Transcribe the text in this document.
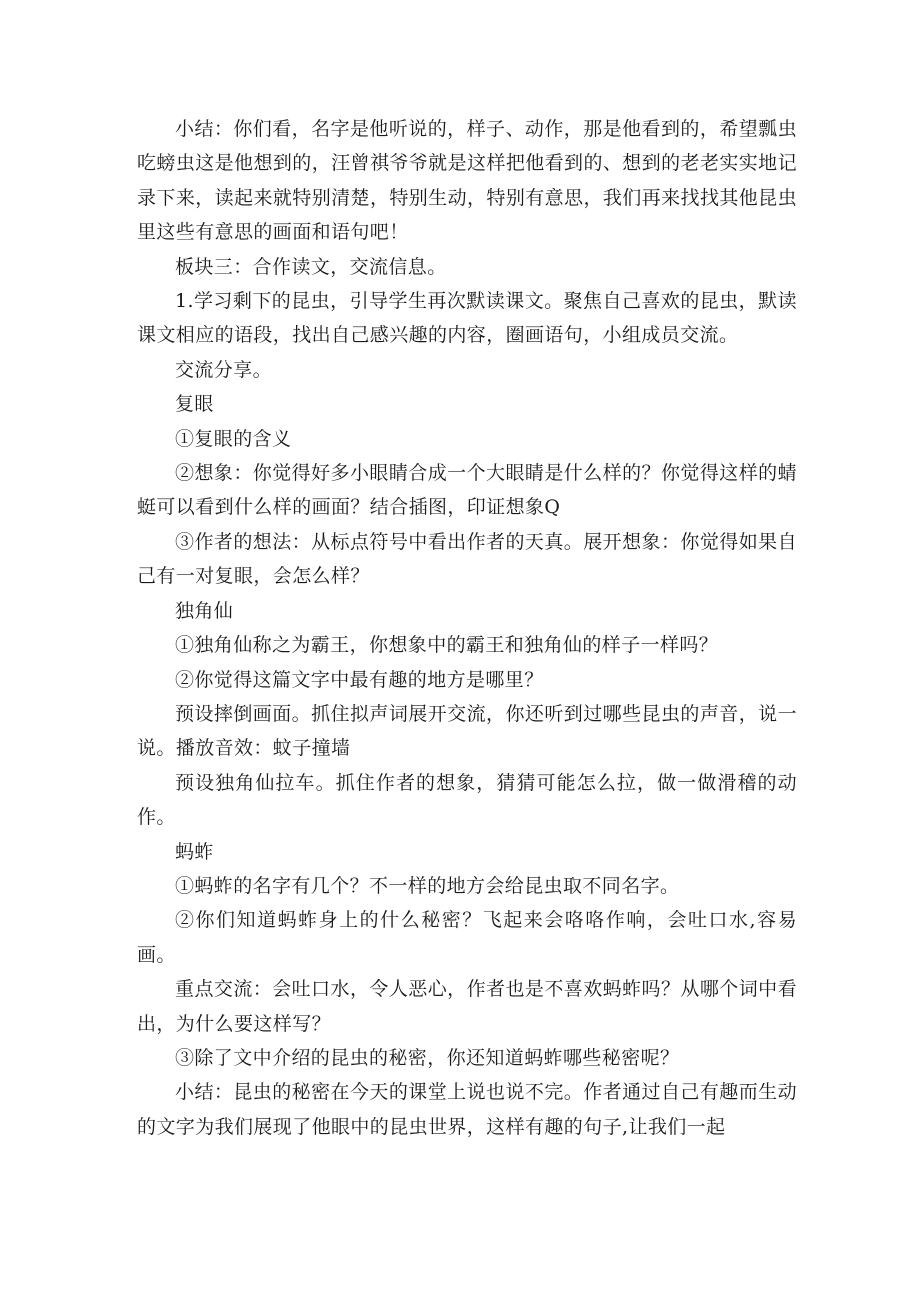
小结：你们看，名字是他听说的，样子、动作，那是他看到的，希望瓢虫吃螃虫这是他想到的，汪曾祺爷爷就是这样把他看到的、想到的老老实实地记录下来，读起来就特别清楚，特别生动，特别有意思，我们再来找找其他昆虫里这些有意思的画面和语句吧！

板块三：合作读文，交流信息。

1.学习剩下的昆虫，引导学生再次默读课文。聚焦自己喜欢的昆虫，默读课文相应的语段，找出自己感兴趣的内容，圈画语句，小组成员交流。

交流分享。

复眼

①复眼的含义

②想象：你觉得好多小眼睛合成一个大眼睛是什么样的？你觉得这样的蜻蜓可以看到什么样的画面？结合插图，印证想象Q

③作者的想法：从标点符号中看出作者的天真。展开想象：你觉得如果自己有一对复眼，会怎么样？

独角仙

①独角仙称之为霸王，你想象中的霸王和独角仙的样子一样吗？

②你觉得这篇文字中最有趣的地方是哪里？

预设摔倒画面。抓住拟声词展开交流，你还听到过哪些昆虫的声音，说一说。播放音效：蚊子撞墙

预设独角仙拉车。抓住作者的想象，猜猜可能怎么拉，做一做滑稽的动作。

蚂蚱

①蚂蚱的名字有几个？不一样的地方会给昆虫取不同名字。

②你们知道蚂蚱身上的什么秘密？飞起来会咯咯作响，会吐口水,容易画。

重点交流：会吐口水，令人恶心，作者也是不喜欢蚂蚱吗？从哪个词中看出，为什么要这样写？

③除了文中介绍的昆虫的秘密，你还知道蚂蚱哪些秘密呢？

小结：昆虫的秘密在今天的课堂上说也说不完。作者通过自己有趣而生动的文字为我们展现了他眼中的昆虫世界，这样有趣的句子,让我们一起
